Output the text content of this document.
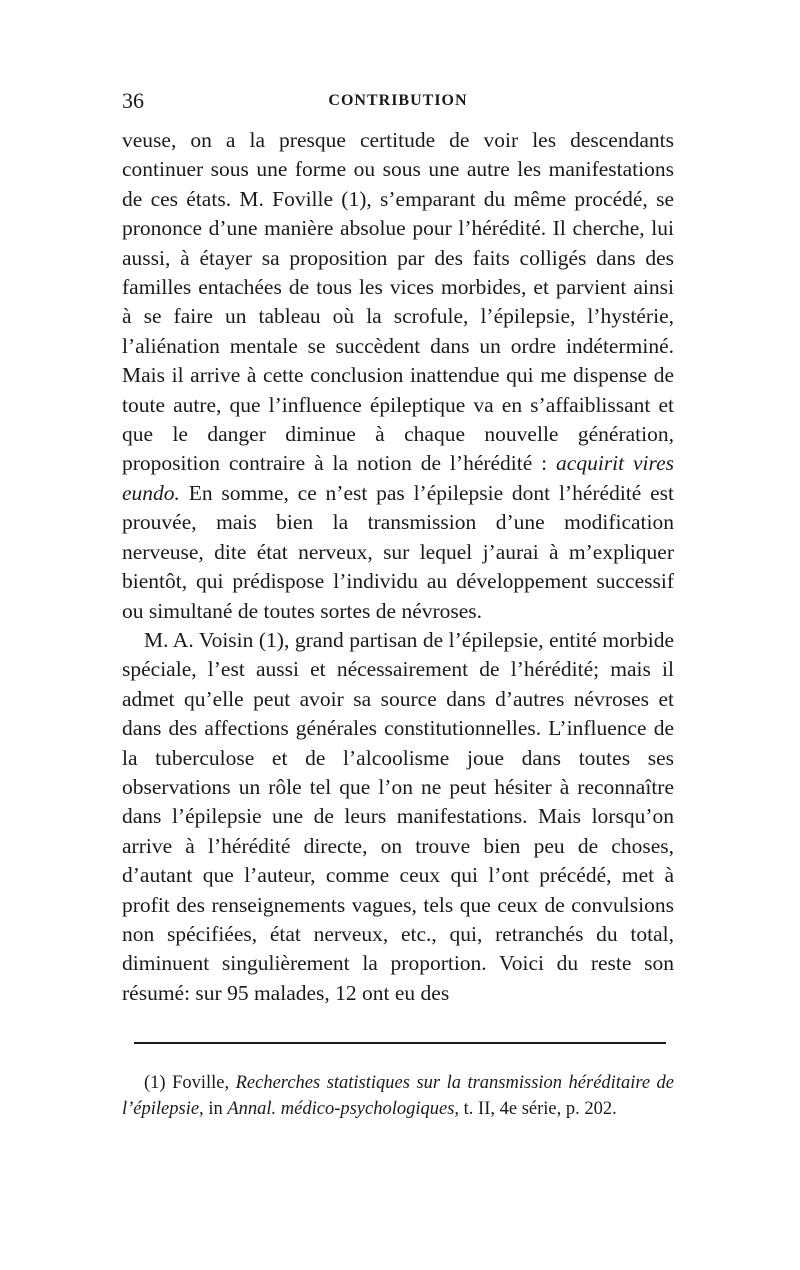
36	CONTRIBUTION

veuse, on a la presque certitude de voir les descendants continuer sous une forme ou sous une autre les manifestations de ces états. M. Foville (1), s’emparant du même procédé, se prononce d’une manière absolue pour l’hérédité. Il cherche, lui aussi, à étayer sa proposition par des faits colligés dans des familles entachées de tous les vices morbides, et parvient ainsi à se faire un tableau où la scrofule, l’épilepsie, l’hystérie, l’aliénation mentale se succèdent dans un ordre indéterminé. Mais il arrive à cette conclusion inattendue qui me dispense de toute autre, que l’influence épileptique va en s’affaiblissant et que le danger diminue à chaque nouvelle génération, proposition contraire à la notion de l’hérédité : acquirit vires eundo. En somme, ce n’est pas l’épilepsie dont l’hérédité est prouvée, mais bien la transmission d’une modification nerveuse, dite état nerveux, sur lequel j’aurai à m’expliquer bientôt, qui prédispose l’individu au développement successif ou simultané de toutes sortes de névroses.

M. A. Voisin (1), grand partisan de l’épilepsie, entité morbide spéciale, l’est aussi et nécessairement de l’hérédité; mais il admet qu’elle peut avoir sa source dans d’autres névroses et dans des affections générales constitutionnelles. L’influence de la tuberculose et de l’alcoolisme joue dans toutes ses observations un rôle tel que l’on ne peut hésiter à reconnaître dans l’épilepsie une de leurs manifestations. Mais lorsqu’on arrive à l’hérédité directe, on trouve bien peu de choses, d’autant que l’auteur, comme ceux qui l’ont précédé, met à profit des renseignements vagues, tels que ceux de convulsions non spécifiées, état nerveux, etc., qui, retranchés du total, diminuent singulièrement la proportion. Voici du reste son résumé: sur 95 malades, 12 ont eu des

(1) Foville, Recherches statistiques sur la transmission héréditaire de l’épilepsie, in Annal. médico-psychologiques, t. II, 4e série, p. 202.
